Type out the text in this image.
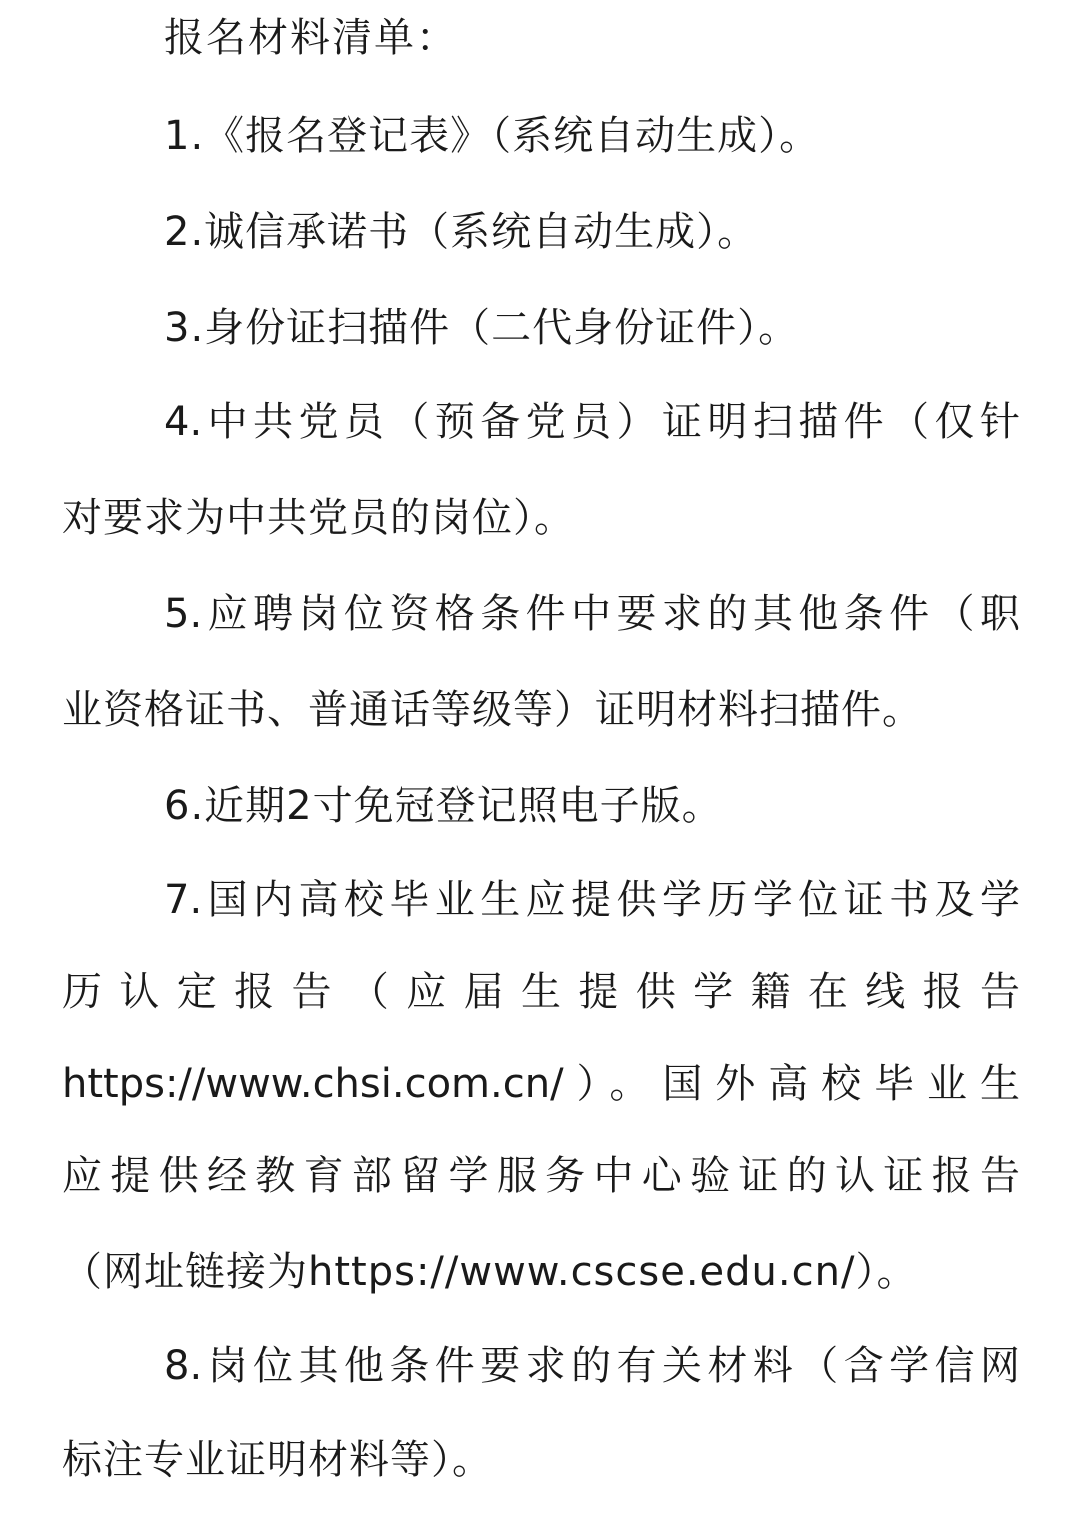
报名材料清单：
1.《报名登记表》（系统自动生成）。
2.诚信承诺书（系统自动生成）。
3.身份证扫描件（二代身份证件）。
4.中共党员（预备党员）证明扫描件（仅针
对要求为中共党员的岗位）。
5.应聘岗位资格条件中要求的其他条件（职
业资格证书、普通话等级等）证明材料扫描件。
6.近期2寸免冠登记照电子版。
7.国内高校毕业生应提供学历学位证书及学
历认定报告（应届生提供学籍在线报告
https://www.chsi.com.cn/）。国外高校毕业生
应提供经教育部留学服务中心验证的认证报告
（网址链接为https://www.cscse.edu.cn/）。
8.岗位其他条件要求的有关材料（含学信网
标注专业证明材料等）。
